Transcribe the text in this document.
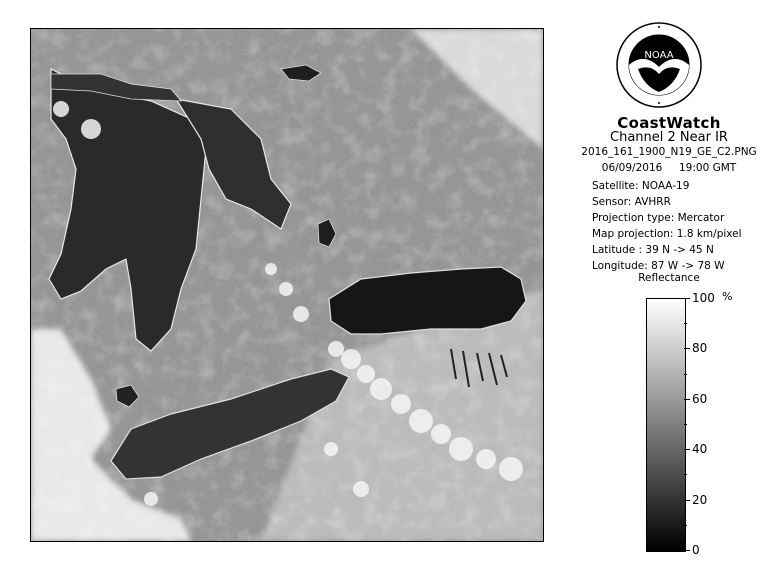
NOAA
CoastWatch
Channel 2 Near IR
2016_161_1900_N19_GE_C2.PNG
06/09/2016     19:00 GMT
Satellite: NOAA-19
Sensor: AVHRR
Projection type: Mercator
Map projection: 1.8 km/pixel
Latitude : 39 N -> 45 N
Longitude: 87 W -> 78 W
Reflectance
%
100
80
60
40
20
0
